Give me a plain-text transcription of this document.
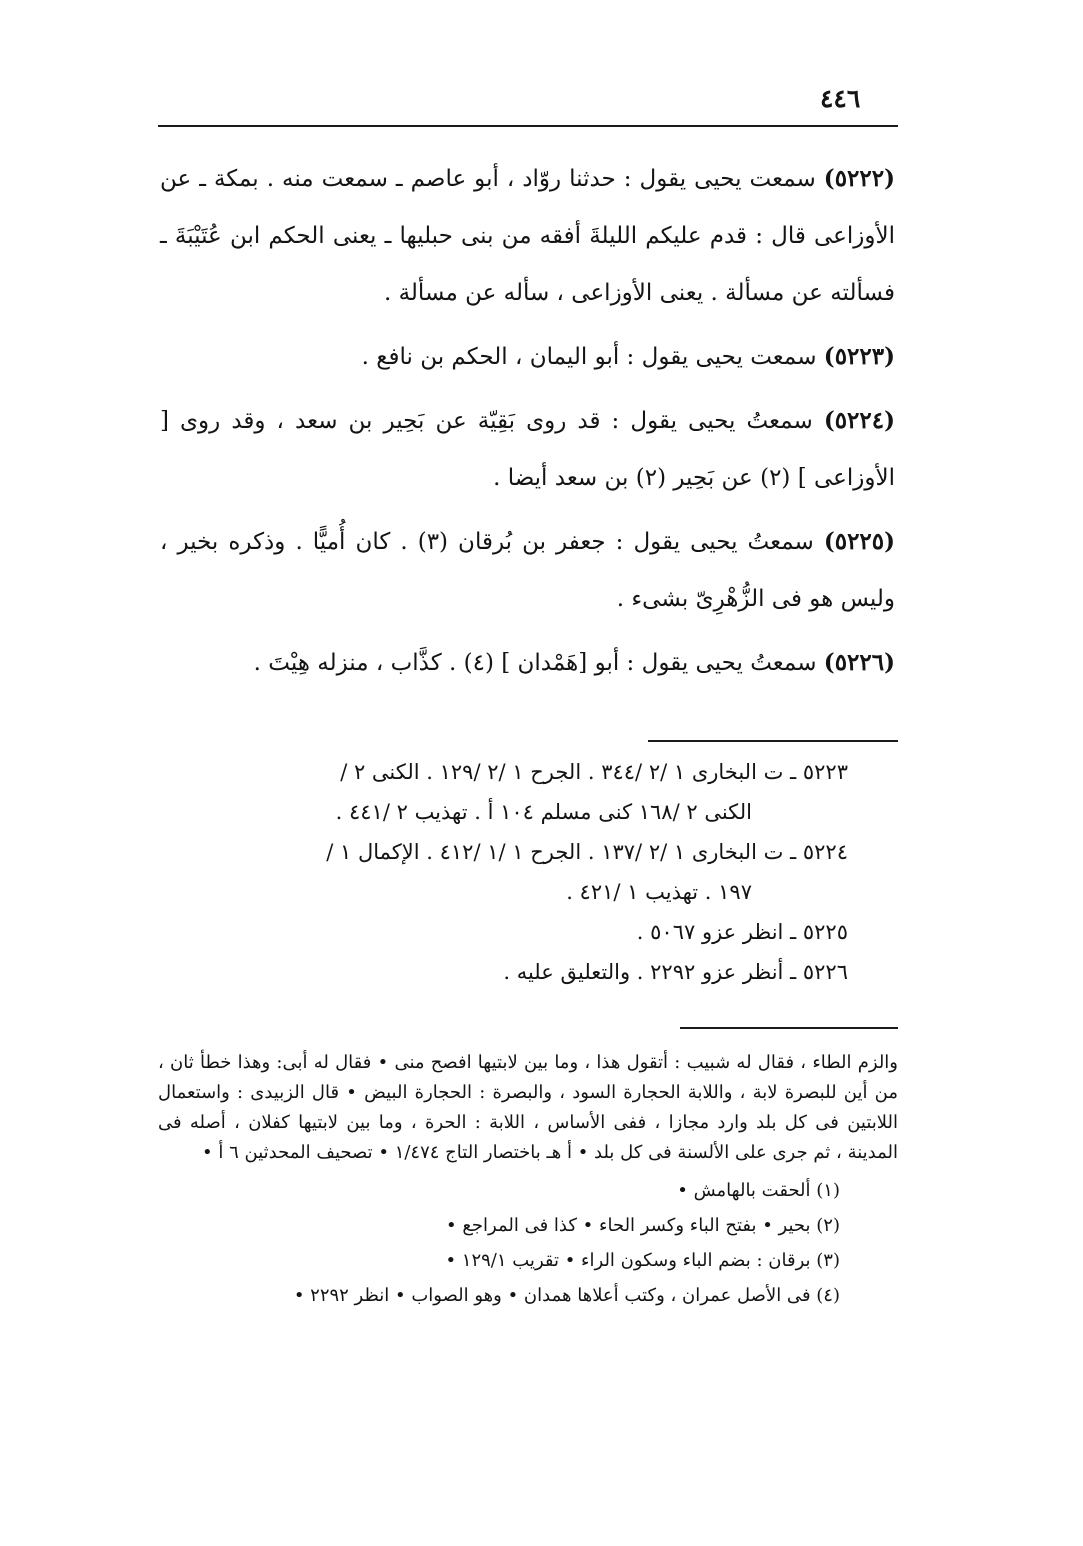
٤٤٦

(٥٢٢٢) سمعت يحيى يقول : حدثنا روّاد ، أبو عاصم ـ سمعت منه . بمكة ـ عن الأوزاعى قال : قدم عليكم الليلةَ أفقه من بنى حبليها ـ يعنى الحكم ابن عُتَيْبَةَ ـ فسألته عن مسألة . يعنى الأوزاعى ، سأله عن مسألة .

(٥٢٢٣) سمعت يحيى يقول : أبو اليمان ، الحكم بن نافع .

(٥٢٢٤) سمعتُ يحيى يقول : قد روى بَقِيّة عن بَحِير بن سعد ، وقد روى [ الأوزاعى ] (٢) عن بَحِير (٢) بن سعد أيضا .

(٥٢٢٥) سمعتُ يحيى يقول : جعفر بن بُرقان (٣) . كان أُميًّا . وذكره بخير ، وليس هو فى الزُّهْرِىّ بشىء .

(٥٢٢٦) سمعتُ يحيى يقول : أبو [هَمْدان ] (٤) . كذَّاب ، منزله هِيْتَ .

٥٢٢٣ ـ ت البخارى ١ /٢ /٣٤٤ . الجرح ١ /٢ /١٢٩ . الكنى ٢ /
الكنى ٢ /١٦٨ كنى مسلم ١٠٤ أ . تهذيب ٢ /٤٤١ .
٥٢٢٤ ـ ت البخارى ١ /٢ /١٣٧ . الجرح ١ /١ /٤١٢ . الإكمال ١ /
١٩٧ . تهذيب ١ /٤٢١ .
٥٢٢٥ ـ انظر عزو ٥٠٦٧ .
٥٢٢٦ ـ أنظر عزو ٢٢٩٢ . والتعليق عليه .

والزم الطاء ، فقال له شبيب : أتقول هذا ، وما بين لابتيها افصح منى • فقال له أبى: وهذا خطأ ثان ، من أين للبصرة لابة ، واللابة الحجارة السود ، والبصرة : الحجارة البيض • قال الزبيدى : واستعمال اللابتين فى كل بلد وارد مجازا ، ففى الأساس ، اللابة : الحرة ، وما بين لابتيها كفلان ، أصله فى المدينة ، ثم جرى على الألسنة فى كل بلد • أ هـ باختصار التاج ١/٤٧٤ • تصحيف المحدثين ٦ أ •

(١) ألحقت بالهامش •
(٢) بحير • بفتح الباء وكسر الحاء • كذا فى المراجع •
(٣) برقان : بضم الباء وسكون الراء • تقريب ١٢٩/١ •
(٤) فى الأصل عمران ، وكتب أعلاها همدان • وهو الصواب • انظر ٢٢٩٢ •
